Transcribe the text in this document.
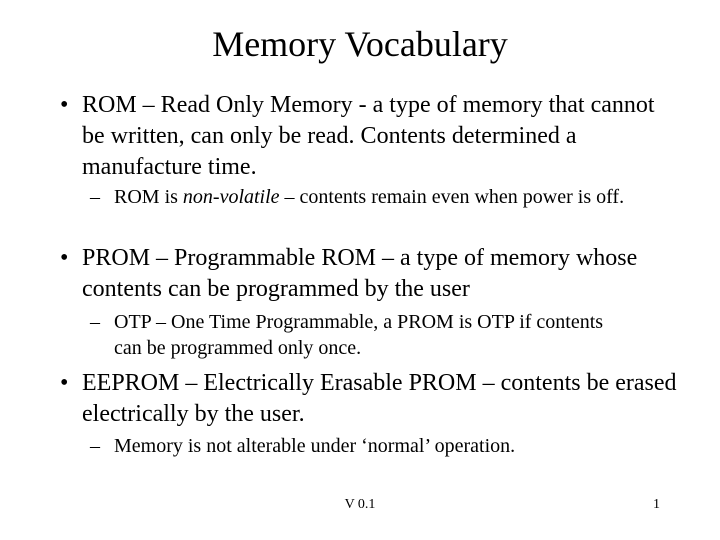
Memory Vocabulary
• ROM – Read Only Memory - a type of memory that cannot be written, can only be read. Contents determined a manufacture time.
– ROM is non-volatile – contents remain even when power is off.
• PROM – Programmable ROM – a type of memory whose contents can be programmed by the user
– OTP – One Time Programmable, a PROM is OTP if contents can be programmed only once.
• EEPROM – Electrically Erasable PROM – contents be erased electrically by the user.
– Memory is not alterable under ‘normal’ operation.
V 0.1	1
